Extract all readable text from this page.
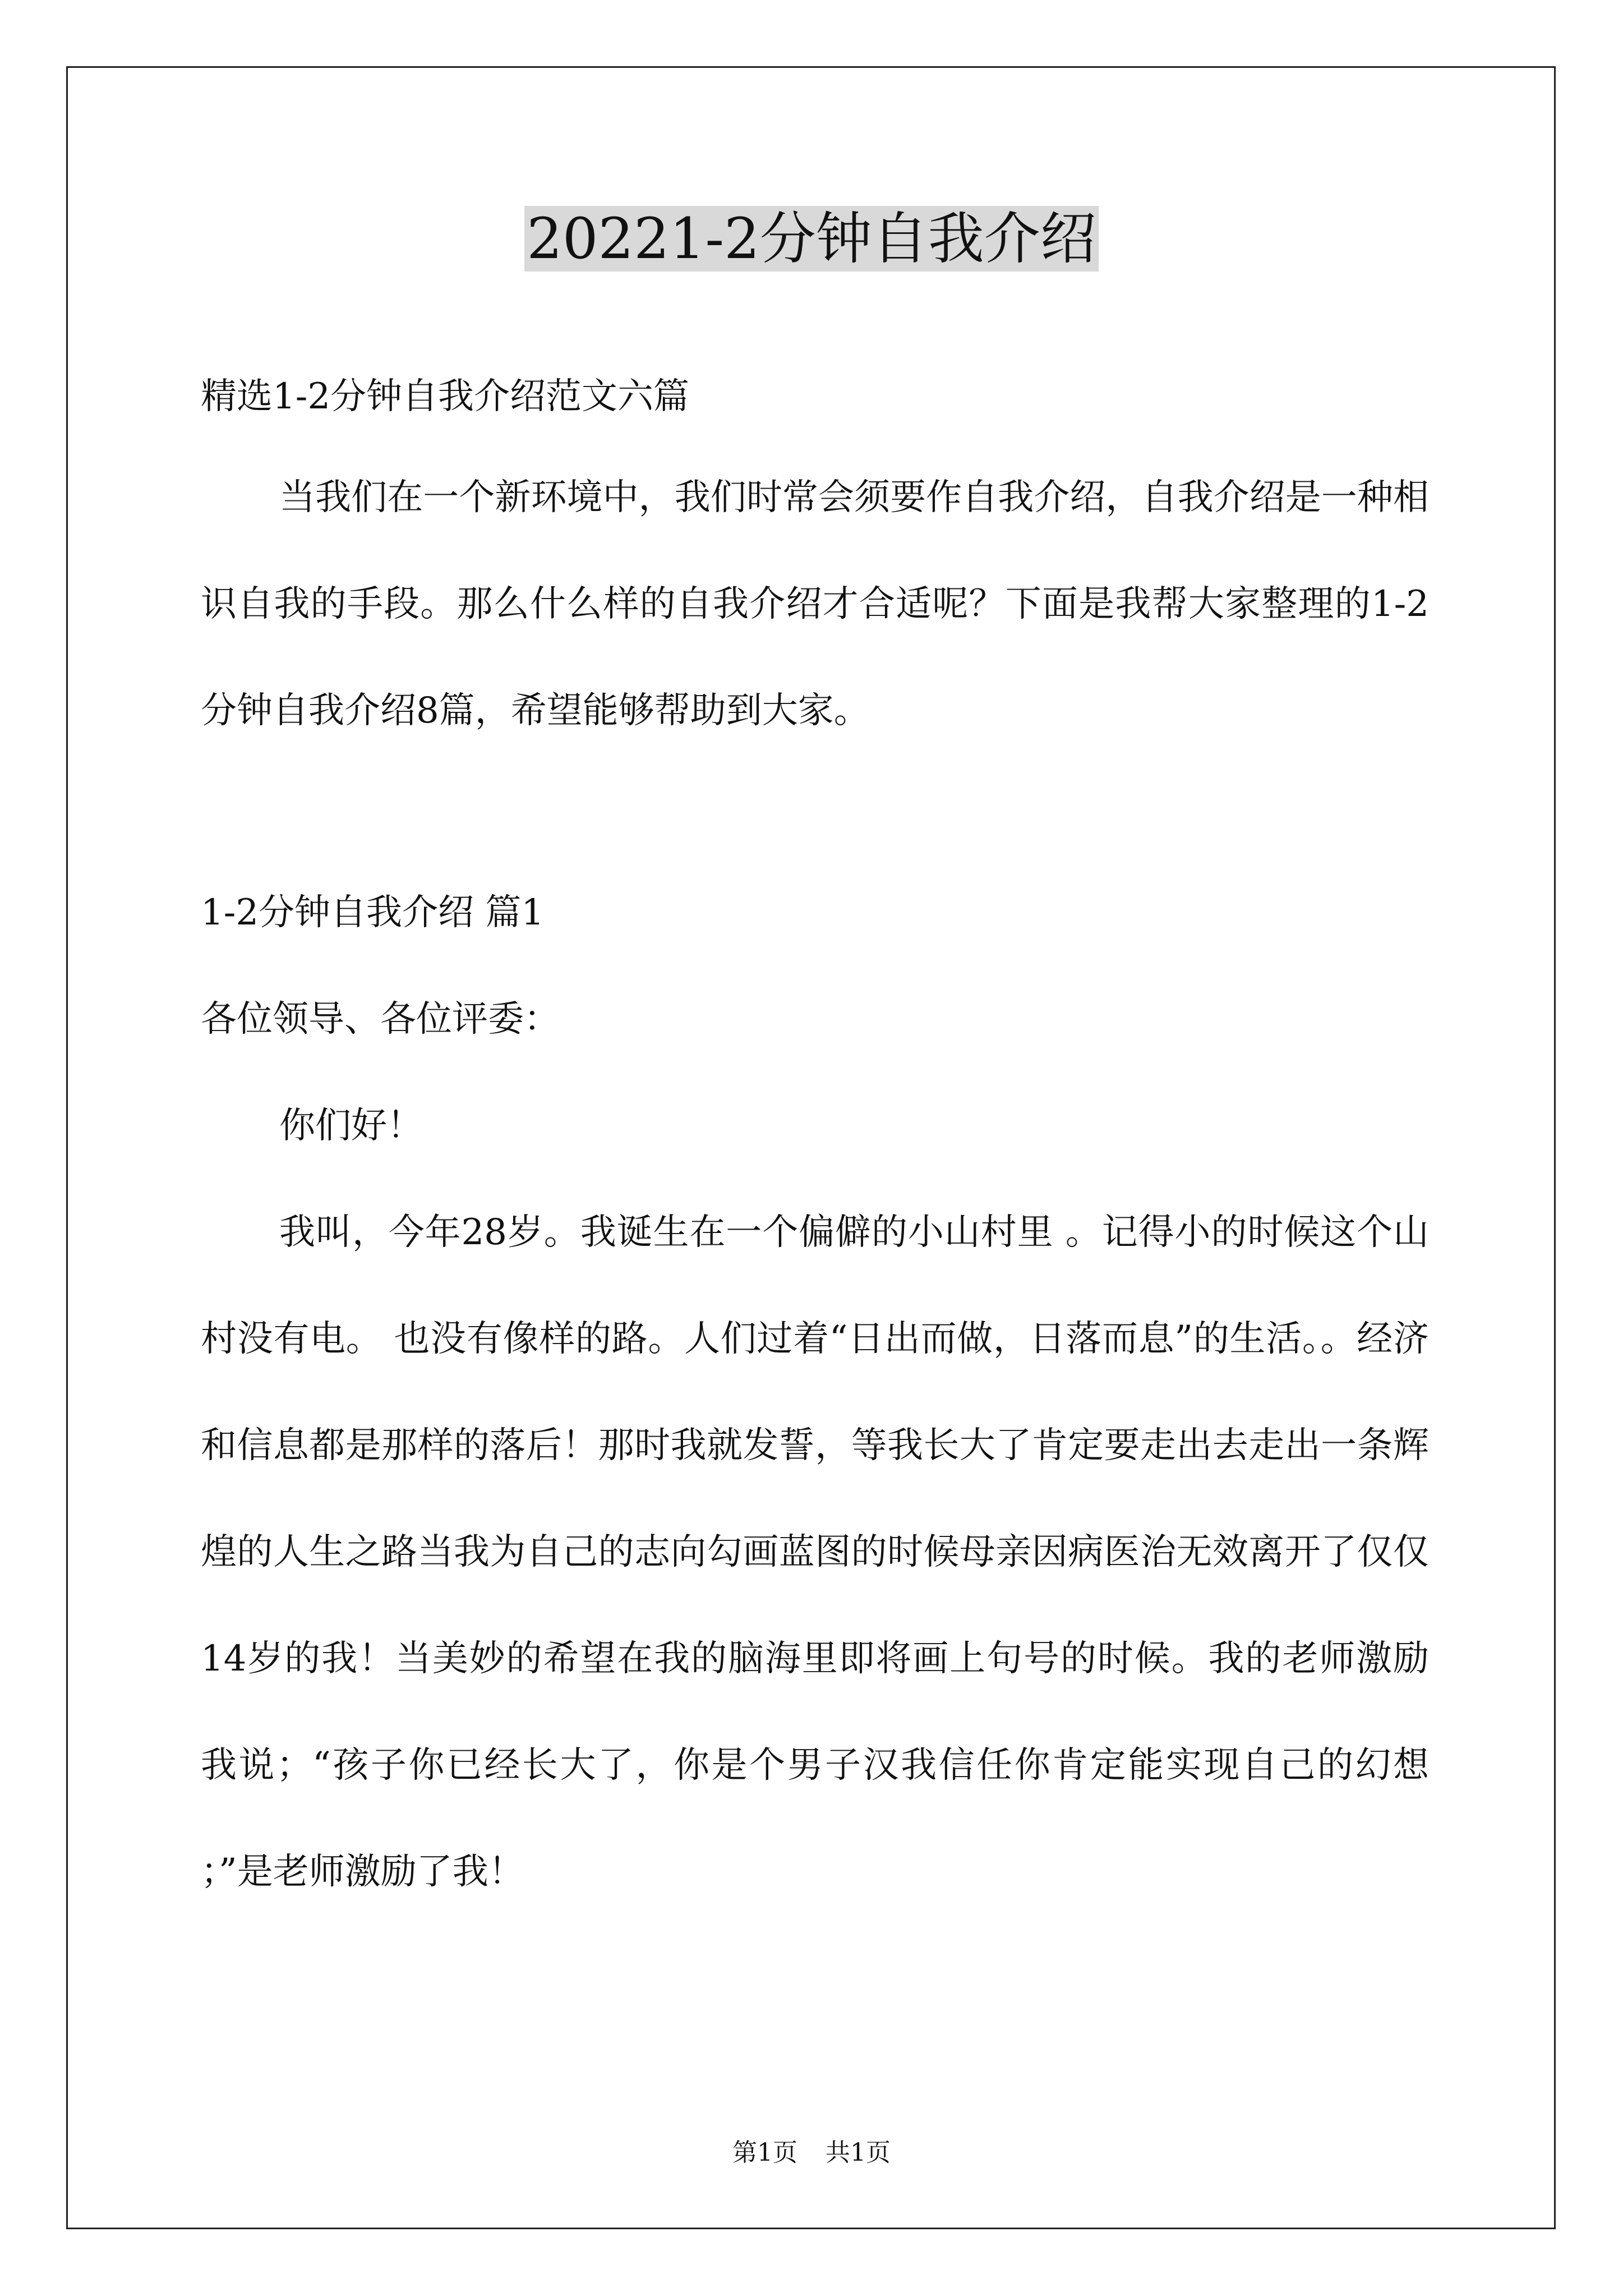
20221-2分钟自我介绍

精选1-2分钟自我介绍范文六篇

当我们在一个新环境中，我们时常会须要作自我介绍，自我介绍是一种相识自我的手段。那么什么样的自我介绍才合适呢？下面是我帮大家整理的1-2分钟自我介绍8篇，希望能够帮助到大家。

1-2分钟自我介绍 篇1

各位领导、各位评委：

你们好！

我叫，今年28岁。我诞生在一个偏僻的小山村里 。记得小的时候这个山村没有电。 也没有像样的路。人们过着“日出而做，日落而息”的生活。。经济和信息都是那样的落后！那时我就发誓，等我长大了肯定要走出去走出一条辉煌的人生之路当我为自己的志向勾画蓝图的时候母亲因病医治无效离开了仅仅14岁的我！当美妙的希望在我的脑海里即将画上句号的时候。我的老师激励我说；“孩子你已经长大了，你是个男子汉我信任你肯定能实现自己的幻想 ；”是老师激励了我！

第1页 共1页
